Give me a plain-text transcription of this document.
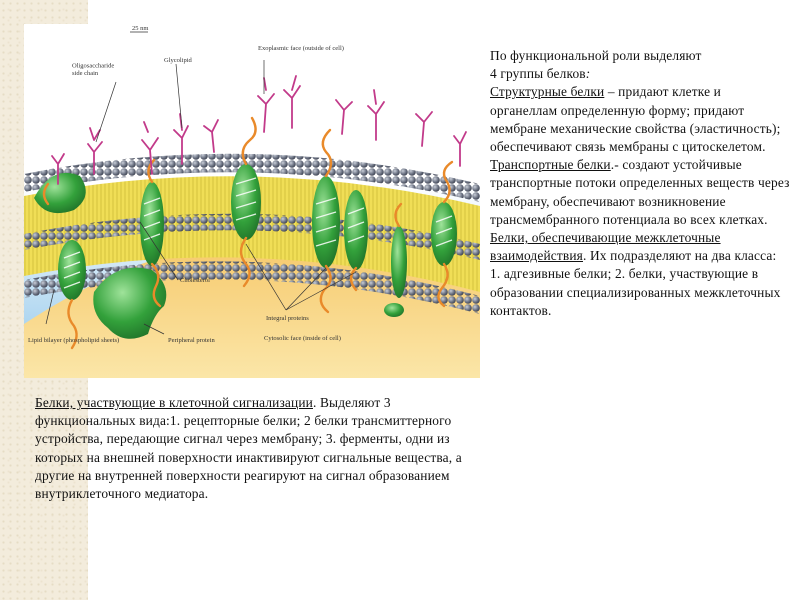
25 nm
Oligosaccharide side chain
Glycolipid
Exoplasmic face (outside of cell)
Cholesterol
Integral proteins
Lipid bilayer (phospholipid sheets)	Peripheral protein	Cytosolic face (inside of cell)
По функциональной роли выделяют
4 группы белков:
Структурные белки – придают клетке и органеллам определенную форму; придают мембране механические свойства (эластичность); обеспечивают связь мембраны с цитоскелетом.
Транспортные белки.- создают устойчивые транспортные потоки определенных веществ через мембрану, обеспечивают возникновение трансмембранного потенциала во всех клетках.
Белки, обеспечивающие межклеточные взаимодействия. Их подразделяют на два класса: 1. адгезивные белки; 2. белки, участвующие в образовании специализированных межклеточных контактов.
Белки, участвующие в клеточной сигнализации. Выделяют 3 функциональных вида:1. рецепторные белки; 2 белки трансмиттерного устройства, передающие сигнал через мембрану; 3. ферменты, одни из которых на внешней поверхности инактивируют сигнальные вещества, а другие на внутренней поверхности реагируют на сигнал образованием внутриклеточного медиатора.
